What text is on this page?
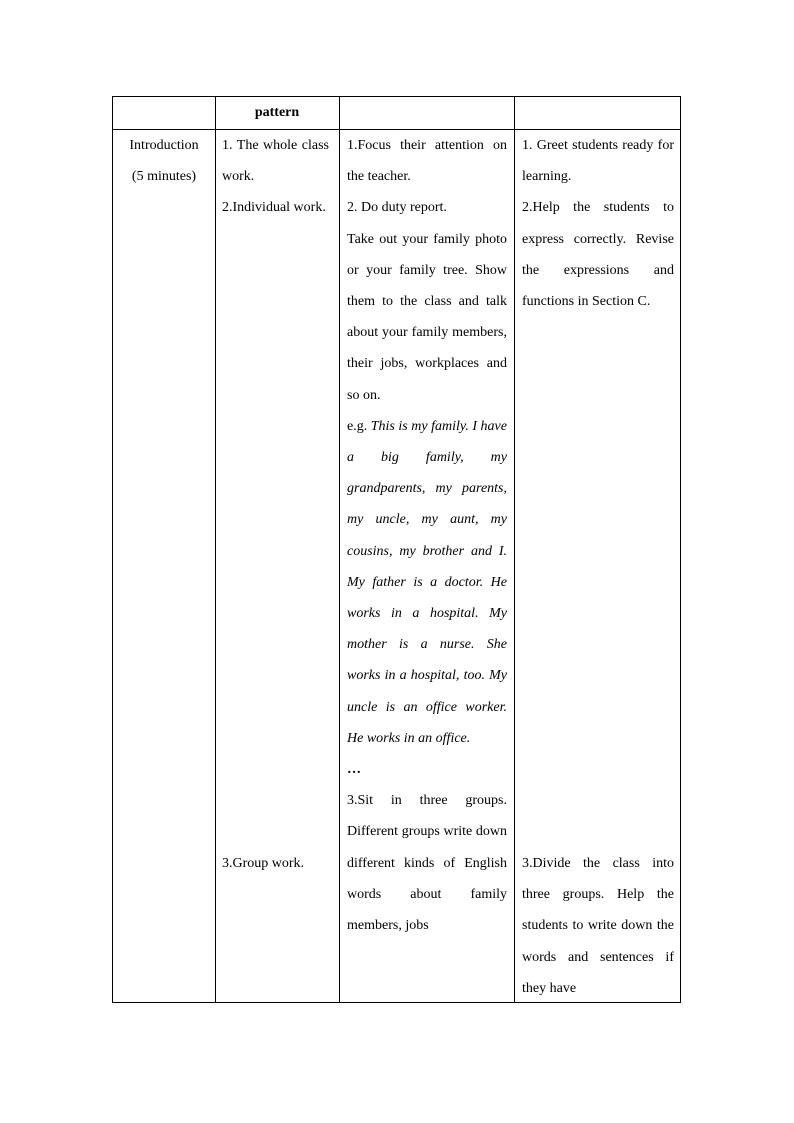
pattern

Introduction

(5 minutes)

1. The whole class work.

2.Individual work.

3.Group work.

1.Focus their attention on the teacher.

2. Do duty report.

Take out your family photo or your family tree. Show them to the class and talk about your family members, their jobs, workplaces and so on.

e.g. This is my family. I have a big family, my grandparents, my parents, my uncle, my aunt, my cousins, my brother and I. My father is a doctor. He works in a hospital. My mother is a nurse. She works in a hospital, too. My uncle is an office worker. He works in an office.

…

3.Sit in three groups. Different groups write down different kinds of English words about family members, jobs

1. Greet students ready for learning.

2.Help the students to express correctly. Revise the expressions and functions in Section C.

3.Divide the class into three groups. Help the students to write down the words and sentences if they have
